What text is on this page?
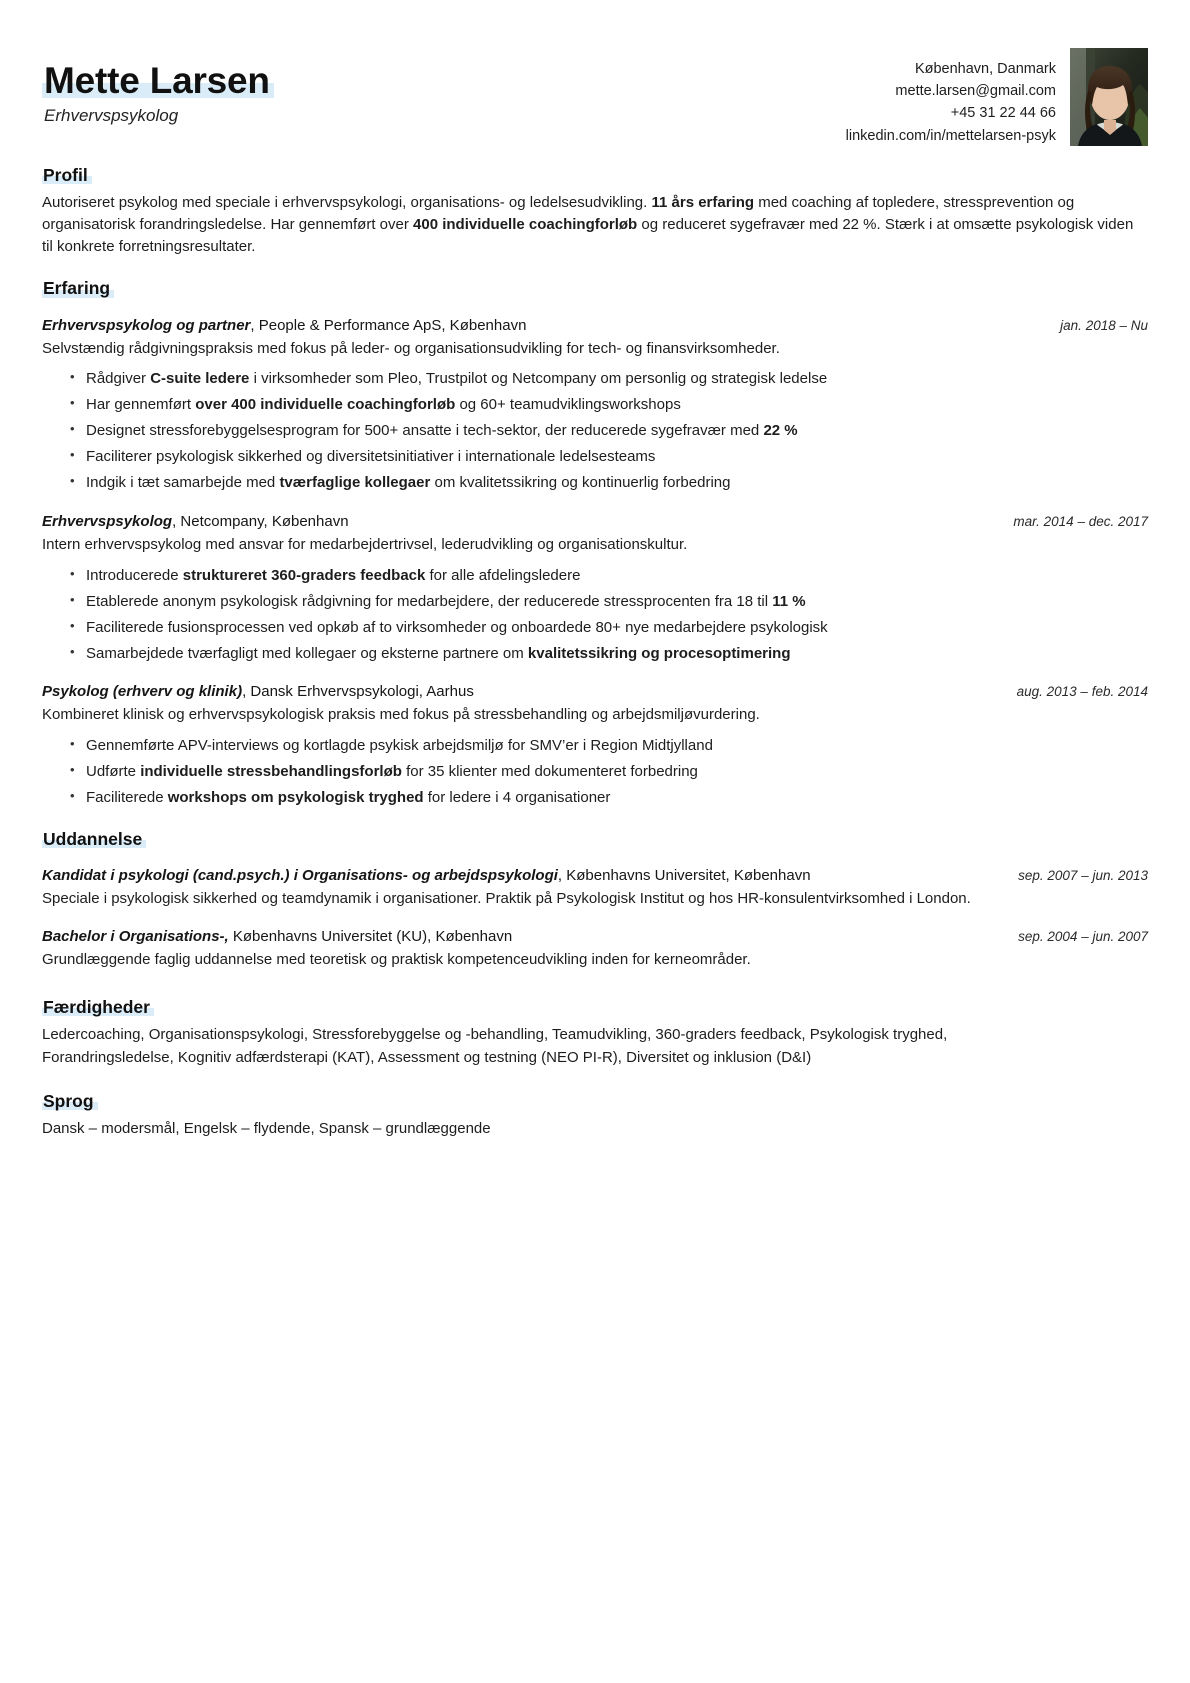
Mette Larsen
Erhvervspsykolog
København, Danmark
mette.larsen@gmail.com
+45 31 22 44 66
linkedin.com/in/mettelarsen-psyk
Profil

Autoriseret psykolog med speciale i erhvervspsykologi, organisations- og ledelsesudvikling. 11 års erfaring med coaching af topledere, stressprevention og organisatorisk forandringsledelse. Har gennemført over 400 individuelle coachingforløb og reduceret sygefravær med 22 %. Stærk i at omsætte psykologisk viden til konkrete forretningsresultater.

Erfaring
Erhvervspsykolog og partner, People & Performance ApS, København	jan. 2018 – Nu
Selvstændig rådgivningspraksis med fokus på leder- og organisationsudvikling for tech- og finansvirksomheder.
• Rådgiver C-suite ledere i virksomheder som Pleo, Trustpilot og Netcompany om personlig og strategisk ledelse
• Har gennemført over 400 individuelle coachingforløb og 60+ teamudviklingsworkshops
• Designet stressforebyggelsesprogram for 500+ ansatte i tech-sektor, der reducerede sygefravær med 22 %
• Faciliterer psykologisk sikkerhed og diversitetsinitiativer i internationale ledelsesteams
• Indgik i tæt samarbejde med tværfaglige kollegaer om kvalitetssikring og kontinuerlig forbedring
Erhvervspsykolog, Netcompany, København	mar. 2014 – dec. 2017
Intern erhvervspsykolog med ansvar for medarbejdertrivsel, lederudvikling og organisationskultur.
• Introducerede struktureret 360-graders feedback for alle afdelingsledere
• Etablerede anonym psykologisk rådgivning for medarbejdere, der reducerede stressprocenten fra 18 til 11 %
• Faciliterede fusionsprocessen ved opkøb af to virksomheder og onboardede 80+ nye medarbejdere psykologisk
• Samarbejdede tværfagligt med kollegaer og eksterne partnere om kvalitetssikring og procesoptimering
Psykolog (erhverv og klinik), Dansk Erhvervspsykologi, Aarhus	aug. 2013 – feb. 2014
Kombineret klinisk og erhvervspsykologisk praksis med fokus på stressbehandling og arbejdsmiljøvurdering.
• Gennemførte APV-interviews og kortlagde psykisk arbejdsmiljø for SMV’er i Region Midtjylland
• Udførte individuelle stressbehandlingsforløb for 35 klienter med dokumenteret forbedring
• Faciliterede workshops om psykologisk tryghed for ledere i 4 organisationer
Uddannelse
Kandidat i psykologi (cand.psych.) i Organisations- og arbejdspsykologi, Københavns Universitet, København	sep. 2007 – jun. 2013
Speciale i psykologisk sikkerhed og teamdynamik i organisationer. Praktik på Psykologisk Institut og hos HR-konsulentvirksomhed i London.
Bachelor i Organisations-, Københavns Universitet (KU), København	sep. 2004 – jun. 2007
Grundlæggende faglig uddannelse med teoretisk og praktisk kompetenceudvikling inden for kerneområder.
Færdigheder

Ledercoaching, Organisationspsykologi, Stressforebyggelse og -behandling, Teamudvikling, 360-graders feedback, Psykologisk tryghed, Forandringsledelse, Kognitiv adfærdsterapi (KAT), Assessment og testning (NEO PI-R), Diversitet og inklusion (D&I)

Sprog

Dansk – modersmål, Engelsk – flydende, Spansk – grundlæggende
